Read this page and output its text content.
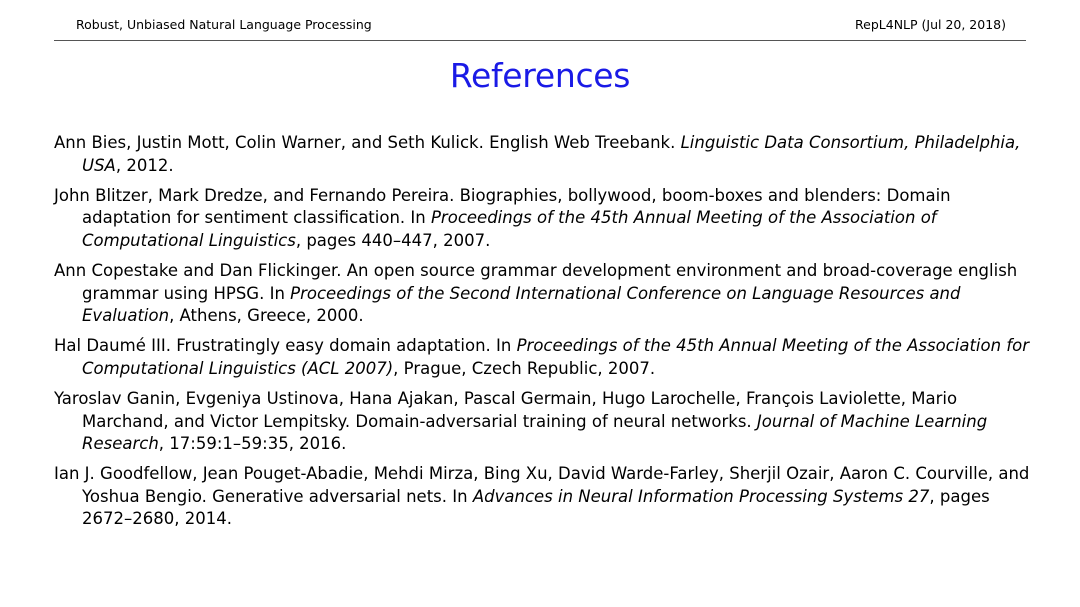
Robust, Unbiased Natural Language Processing	RepL4NLP (Jul 20, 2018)
References
Ann Bies, Justin Mott, Colin Warner, and Seth Kulick. English Web Treebank. Linguistic Data Consortium, Philadelphia, USA, 2012.
John Blitzer, Mark Dredze, and Fernando Pereira. Biographies, bollywood, boom-boxes and blenders: Domain adaptation for sentiment classification. In Proceedings of the 45th Annual Meeting of the Association of Computational Linguistics, pages 440–447, 2007.
Ann Copestake and Dan Flickinger. An open source grammar development environment and broad-coverage english grammar using HPSG. In Proceedings of the Second International Conference on Language Resources and Evaluation, Athens, Greece, 2000.
Hal Daumé III. Frustratingly easy domain adaptation. In Proceedings of the 45th Annual Meeting of the Association for Computational Linguistics (ACL 2007), Prague, Czech Republic, 2007.
Yaroslav Ganin, Evgeniya Ustinova, Hana Ajakan, Pascal Germain, Hugo Larochelle, François Laviolette, Mario Marchand, and Victor Lempitsky. Domain-adversarial training of neural networks. Journal of Machine Learning Research, 17:59:1–59:35, 2016.
Ian J. Goodfellow, Jean Pouget-Abadie, Mehdi Mirza, Bing Xu, David Warde-Farley, Sherjil Ozair, Aaron C. Courville, and Yoshua Bengio. Generative adversarial nets. In Advances in Neural Information Processing Systems 27, pages 2672–2680, 2014.
